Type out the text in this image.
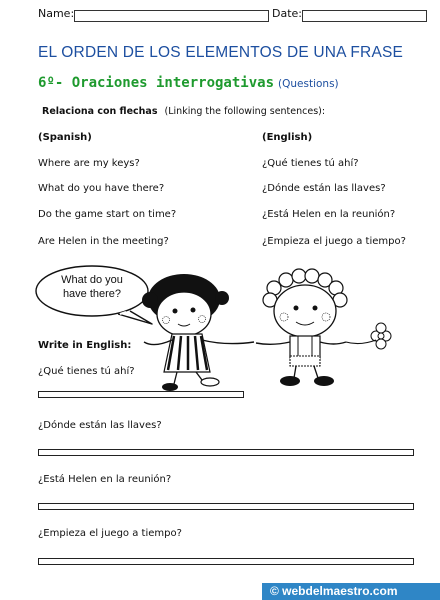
Name:	Date:
EL ORDEN DE LOS ELEMENTOS DE UNA FRASE
6º- Oraciones interrogativas (Questions)
Relaciona con flechas (Linking the following sentences):
(Spanish)	(English)
Where are my keys?
What do you have there?
Do the game start on time?
Are Helen in the meeting?
¿Qué tienes tú ahí?
¿Dónde están las llaves?
¿Está Helen en la reunión?
¿Empieza el juego a tiempo?
What do you have there?
Write in English:
¿Qué tienes tú ahí?
¿Dónde están las llaves?
¿Está Helen en la reunión?
¿Empieza el juego a tiempo?
© webdelmaestro.com
